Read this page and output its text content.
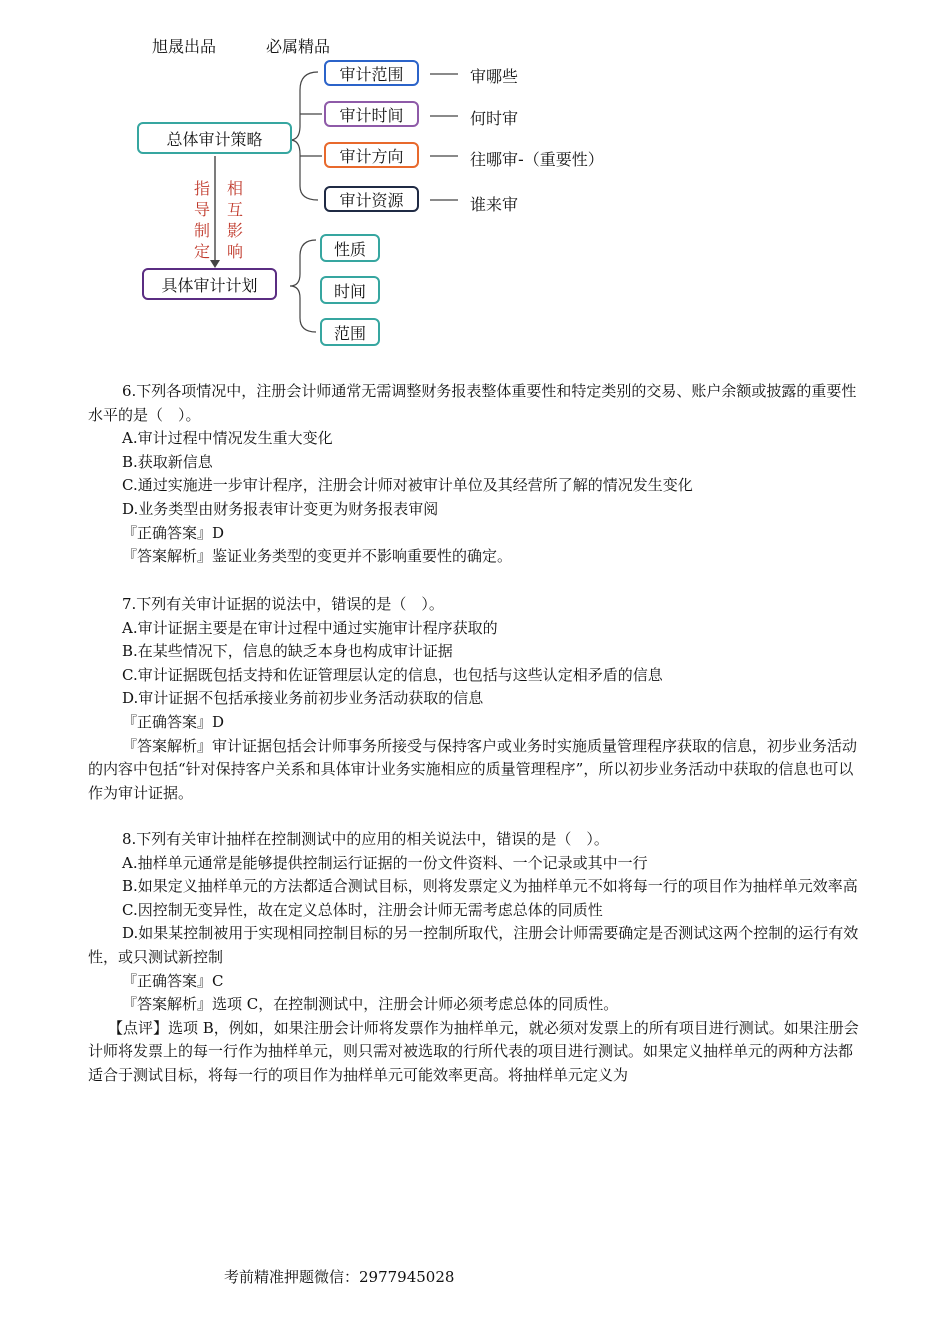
旭晟出品	必属精品
总体审计策略
审计范围
审计时间
审计方向
审计资源
审哪些
何时审
往哪审-（重要性）
谁来审
指导制定
相互影响
具体审计计划
性质
时间
范围

6.下列各项情况中，注册会计师通常无需调整财务报表整体重要性和特定类别的交易、账户余额或披露的重要性水平的是（　）。

A.审计过程中情况发生重大变化

B.获取新信息

C.通过实施进一步审计程序，注册会计师对被审计单位及其经营所了解的情况发生变化

D.业务类型由财务报表审计变更为财务报表审阅

『正确答案』D

『答案解析』鉴证业务类型的变更并不影响重要性的确定。

7.下列有关审计证据的说法中，错误的是（　）。

A.审计证据主要是在审计过程中通过实施审计程序获取的

B.在某些情况下，信息的缺乏本身也构成审计证据

C.审计证据既包括支持和佐证管理层认定的信息，也包括与这些认定相矛盾的信息

D.审计证据不包括承接业务前初步业务活动获取的信息

『正确答案』D

『答案解析』审计证据包括会计师事务所接受与保持客户或业务时实施质量管理程序获取的信息，初步业务活动的内容中包括“针对保持客户关系和具体审计业务实施相应的质量管理程序”，所以初步业务活动中获取的信息也可以作为审计证据。

8.下列有关审计抽样在控制测试中的应用的相关说法中，错误的是（　）。

A.抽样单元通常是能够提供控制运行证据的一份文件资料、一个记录或其中一行

B.如果定义抽样单元的方法都适合测试目标，则将发票定义为抽样单元不如将每一行的项目作为抽样单元效率高

C.因控制无变异性，故在定义总体时，注册会计师无需考虑总体的同质性

D.如果某控制被用于实现相同控制目标的另一控制所取代，注册会计师需要确定是否测试这两个控制的运行有效性，或只测试新控制

『正确答案』C

『答案解析』选项 C，在控制测试中，注册会计师必须考虑总体的同质性。

【点评】选项 B，例如，如果注册会计师将发票作为抽样单元，就必须对发票上的所有项目进行测试。如果注册会计师将发票上的每一行作为抽样单元，则只需对被选取的行所代表的项目进行测试。如果定义抽样单元的两种方法都适合于测试目标，将每一行的项目作为抽样单元可能效率更高。将抽样单元定义为

考前精准押题微信：2977945028
